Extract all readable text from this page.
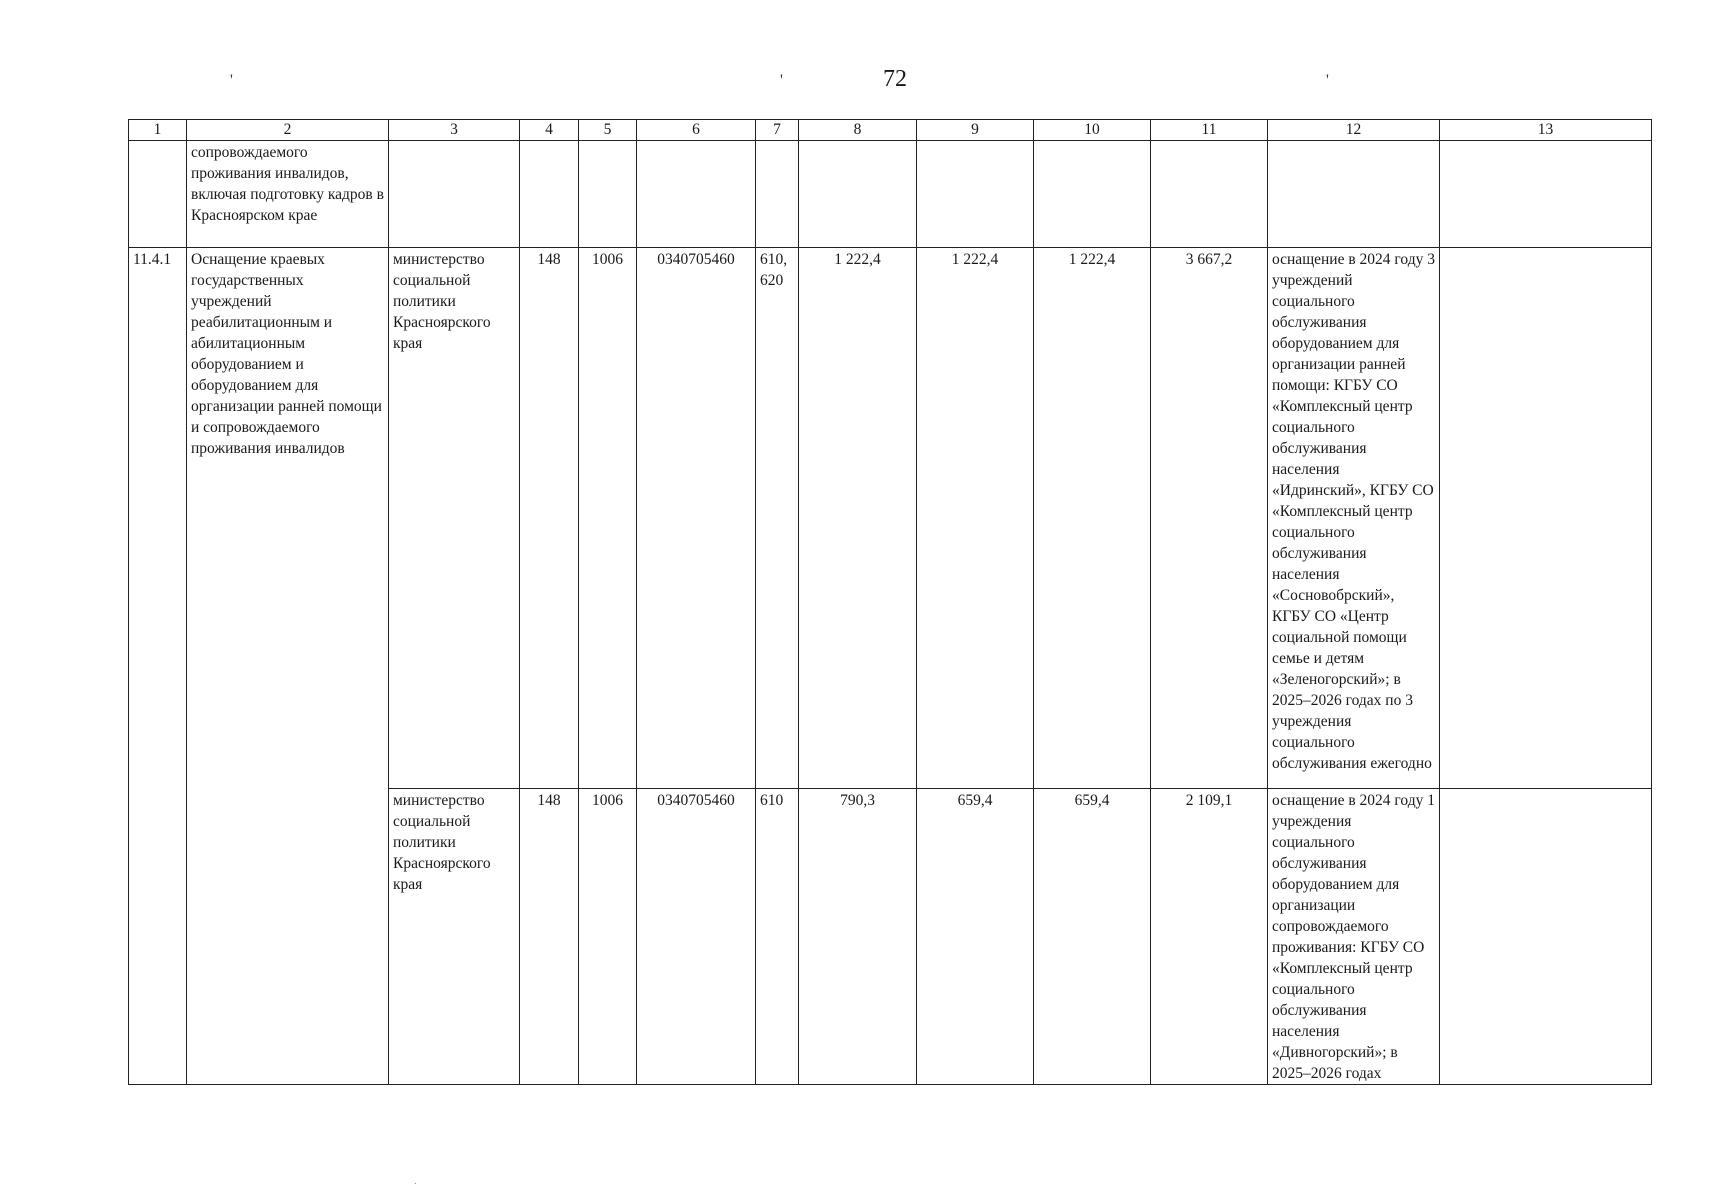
72
'	'	'
1	2	3	4	5	6	7	8	9	10	11	12	13
	сопровождаемого проживания инвалидов, включая подготовку кадров в Красноярском крае											
11.4.1	Оснащение краевых государственных учреждений реабилитационным и абилитационным оборудованием и оборудованием для организации ранней помощи и сопровождаемого проживания инвалидов	министерство социальной политики Красноярского края	148	1006	0340705460	610, 620	1 222,4	1 222,4	1 222,4	3 667,2	оснащение в 2024 году 3 учреждений социального обслуживания оборудованием для организации ранней помощи: КГБУ СО «Комплексный центр социального обслуживания населения «Идринский», КГБУ СО «Комплексный центр социального обслуживания населения «Сосновобрский», КГБУ СО «Центр социальной помощи семье и детям «Зеленогорский»; в 2025–2026 годах по 3 учреждения социального обслуживания ежегодно	
		министерство социальной политики Красноярского края	148	1006	0340705460	610	790,3	659,4	659,4	2 109,1	оснащение в 2024 году 1 учреждения социального обслуживания оборудованием для организации сопровождаемого проживания: КГБУ СО «Комплексный центр социального обслуживания населения «Дивногорский»; в 2025–2026 годах	
.
